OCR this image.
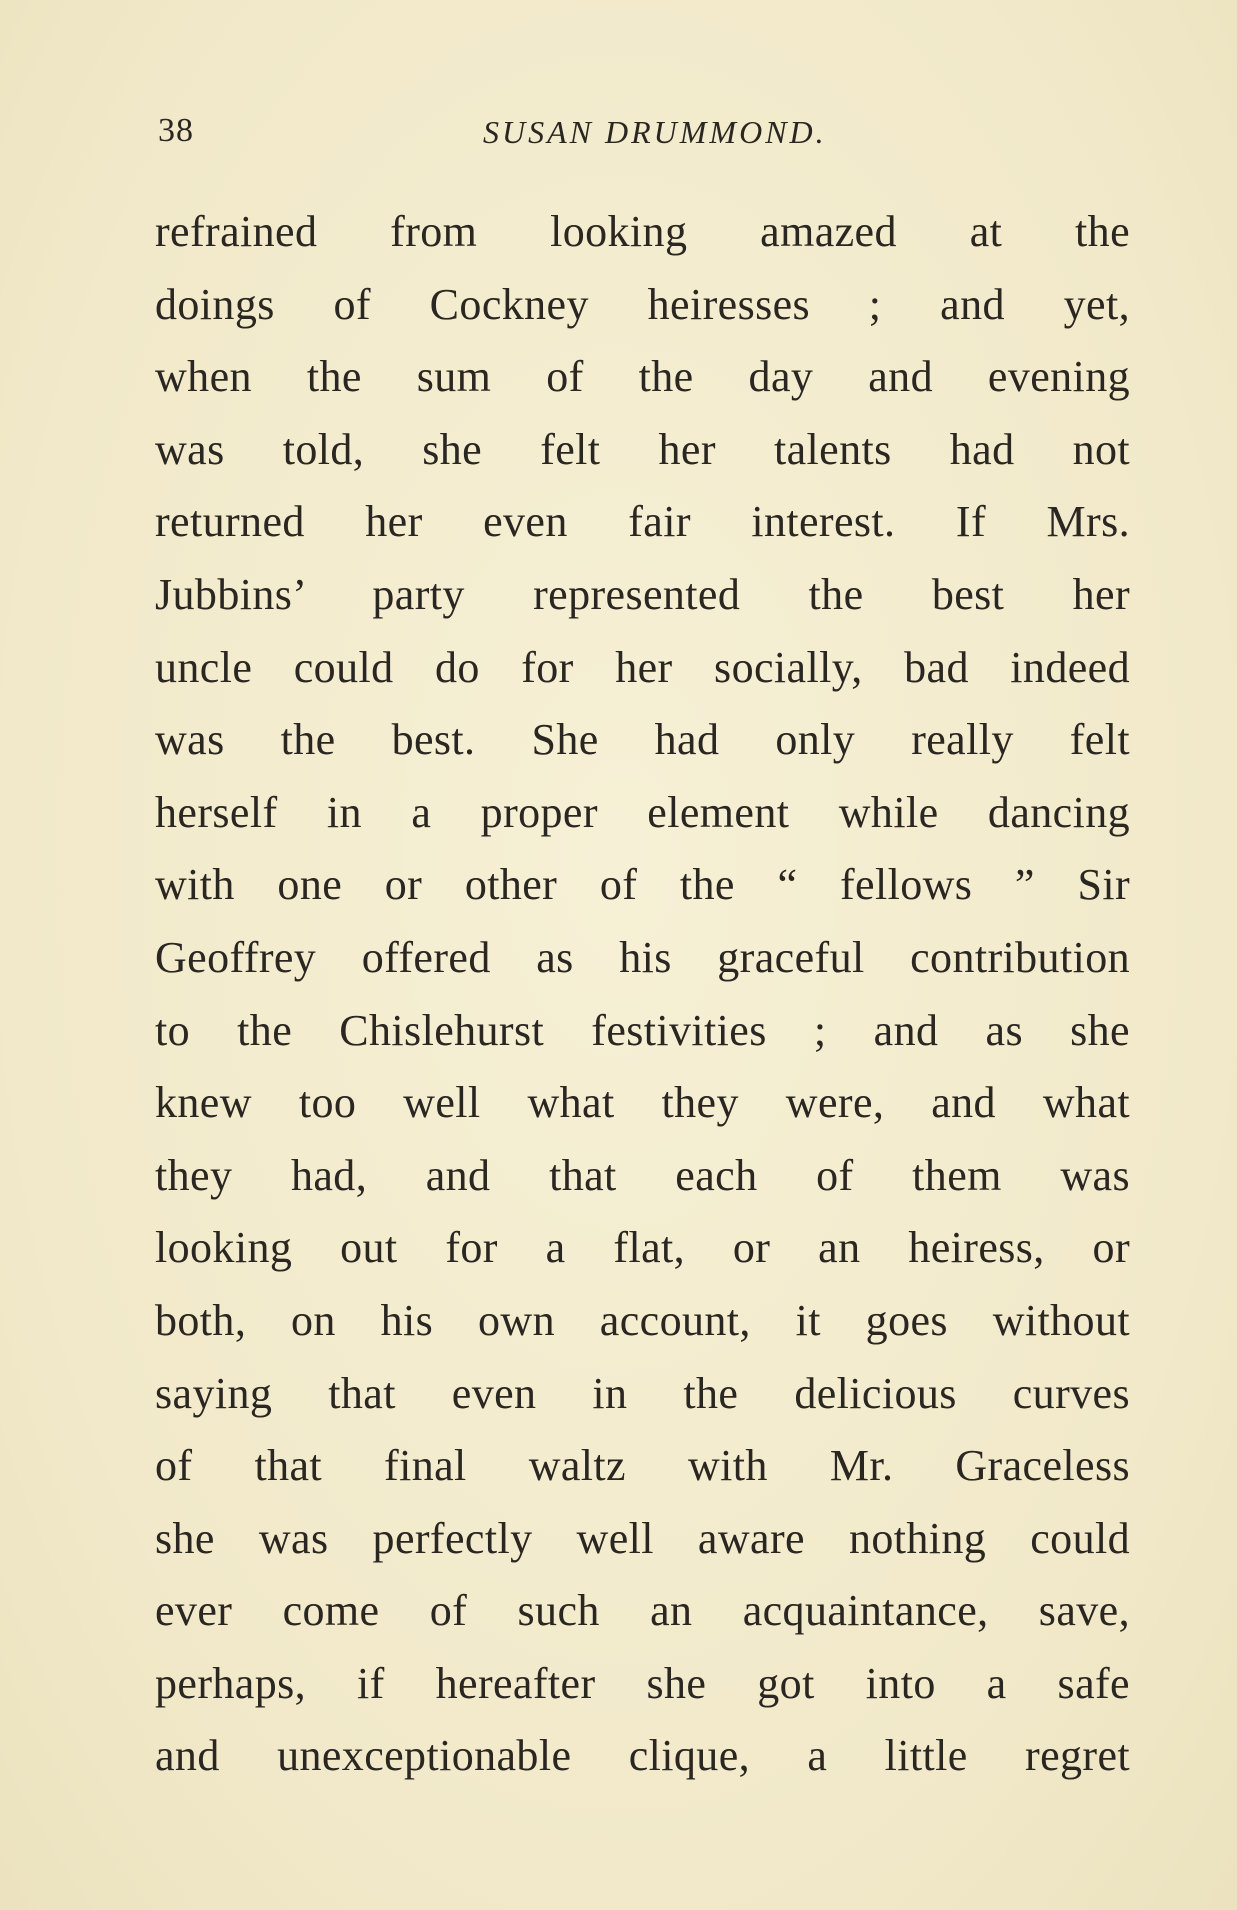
38	SUSAN DRUMMOND.
refrained from looking amazed at the
doings of Cockney heiresses ; and yet,
when the sum of the day and evening
was told, she felt her talents had not
returned her even fair interest. If Mrs.
Jubbins’ party represented the best her
uncle could do for her socially, bad indeed
was the best. She had only really felt
herself in a proper element while dancing
with one or other of the “ fellows ” Sir
Geoffrey offered as his graceful contribution
to the Chislehurst festivities ; and as she
knew too well what they were, and what
they had, and that each of them was
looking out for a flat, or an heiress, or
both, on his own account, it goes without
saying that even in the delicious curves
of that final waltz with Mr. Graceless
she was perfectly well aware nothing could
ever come of such an acquaintance, save,
perhaps, if hereafter she got into a safe
and unexceptionable clique, a little regret
